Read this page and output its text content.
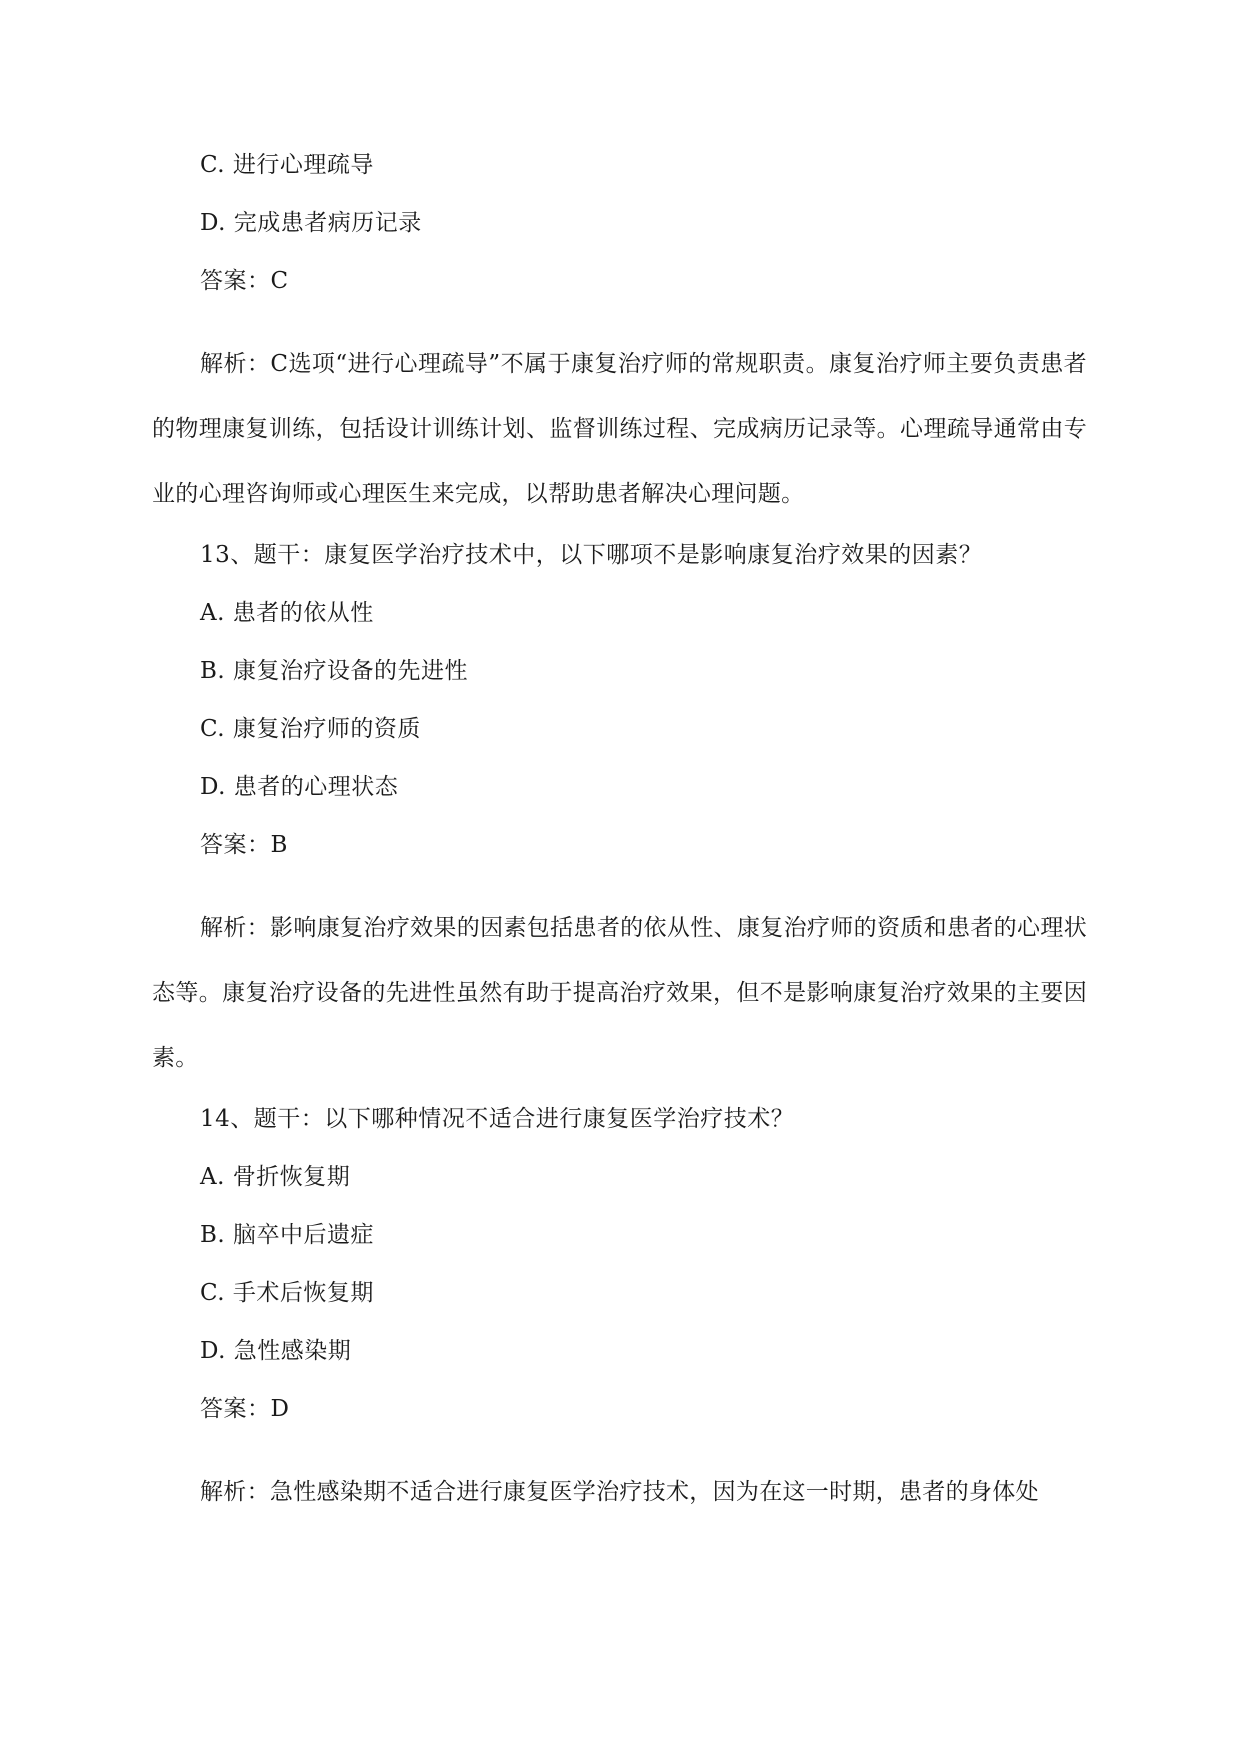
C. 进行心理疏导
D. 完成患者病历记录
答案：C
解析：C选项“进行心理疏导”不属于康复治疗师的常规职责。康复治疗师主要负责患者的物理康复训练，包括设计训练计划、监督训练过程、完成病历记录等。心理疏导通常由专业的心理咨询师或心理医生来完成，以帮助患者解决心理问题。
13、题干：康复医学治疗技术中，以下哪项不是影响康复治疗效果的因素？
A. 患者的依从性
B. 康复治疗设备的先进性
C. 康复治疗师的资质
D. 患者的心理状态
答案：B
解析：影响康复治疗效果的因素包括患者的依从性、康复治疗师的资质和患者的心理状态等。康复治疗设备的先进性虽然有助于提高治疗效果，但不是影响康复治疗效果的主要因素。
14、题干：以下哪种情况不适合进行康复医学治疗技术？
A. 骨折恢复期
B. 脑卒中后遗症
C. 手术后恢复期
D. 急性感染期
答案：D
解析：急性感染期不适合进行康复医学治疗技术，因为在这一时期，患者的身体处
